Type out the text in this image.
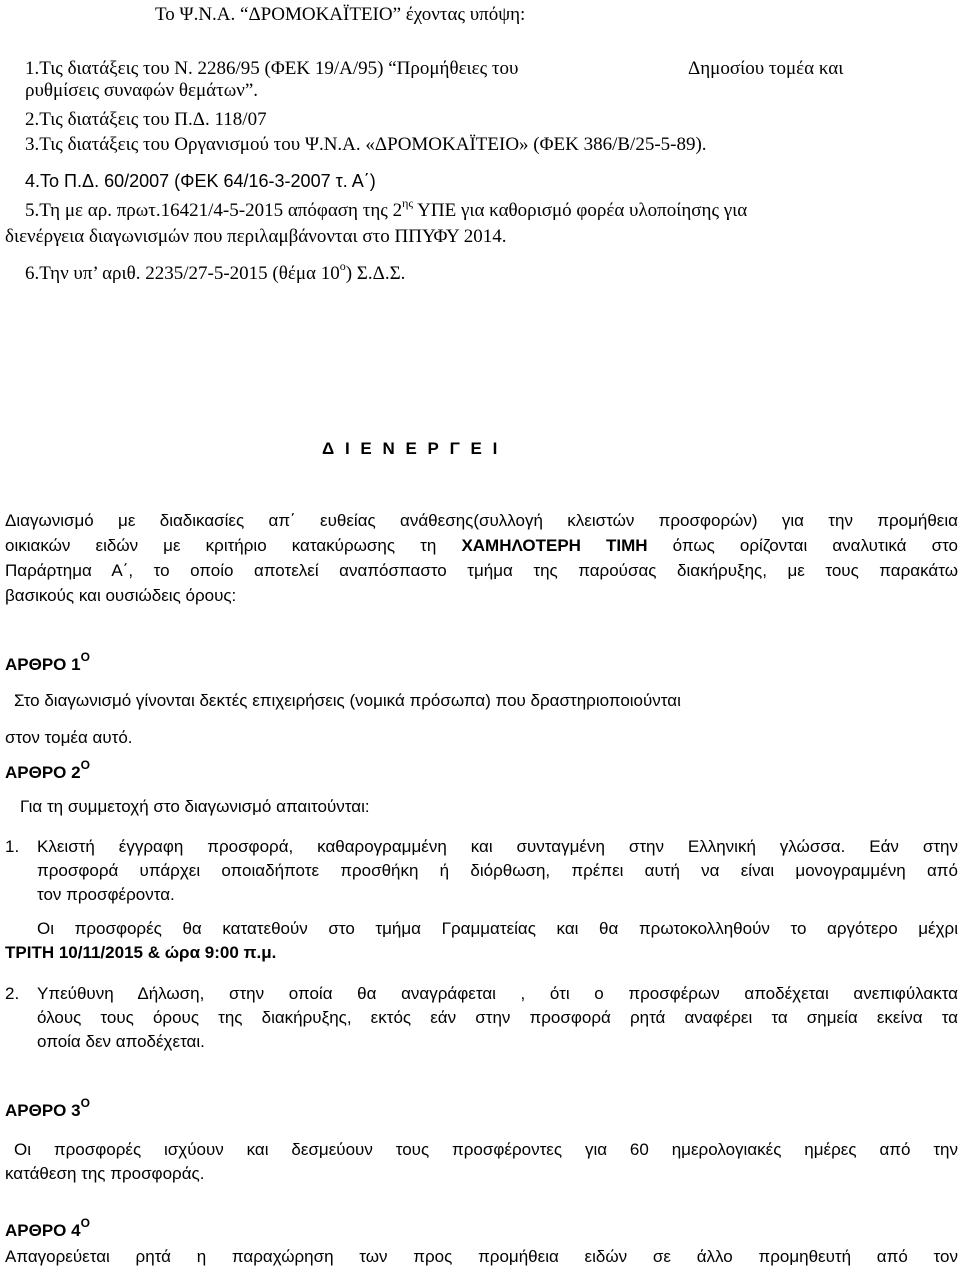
Το Ψ.Ν.Α. “ΔΡΟΜΟΚΑΪΤΕΙΟ” έχοντας υπόψη:
1.Τις διατάξεις του Ν. 2286/95 (ΦΕΚ 19/Α/95) “Προμήθειες του	Δημοσίου τομέα και
ρυθμίσεις συναφών θεμάτων”.
2.Τις διατάξεις του Π.Δ. 118/07
3.Τις διατάξεις του Οργανισμού του Ψ.Ν.Α. «ΔΡΟΜΟΚΑΪΤΕΙΟ» (ΦΕΚ 386/Β/25-5-89).
4.Το Π.Δ. 60/2007 (ΦΕΚ 64/16-3-2007 τ. Α΄)
5.Τη με αρ. πρωτ.16421/4-5-2015 απόφαση της $2^{\eta\varsigma}$ ΥΠΕ για καθορισμό φορέα υλοποίησης για
διενέργεια διαγωνισμών που περιλαμβάνονται στο ΠΠΥΦΥ 2014.
6.Την υπ’ αριθ. 2235/27-5-2015 (θέμα $10^o$) Σ.Δ.Σ.
Δ Ι Ε Ν Ε Ρ Γ Ε Ι
Διαγωνισμό με διαδικασίες απ΄ ευθείας ανάθεσης(συλλογή κλειστών προσφορών) για την προμήθεια
οικιακών ειδών με κριτήριο κατακύρωσης τη ΧΑΜΗΛΟΤΕΡΗ ΤΙΜΗ όπως ορίζονται αναλυτικά στο
Παράρτημα Α΄, το οποίο αποτελεί αναπόσπαστο τμήμα της παρούσας διακήρυξης, με τους παρακάτω
βασικούς και ουσιώδεις όρους:
ΑΡΘΡΟ $1^O$
Στο διαγωνισμό γίνονται δεκτές επιχειρήσεις (νομικά πρόσωπα) που δραστηριοποιούνται
στον τομέα αυτό.
ΑΡΘΡΟ $2^O$
Για τη συμμετοχή στο διαγωνισμό απαιτούνται:
1. Κλειστή έγγραφη προσφορά, καθαρογραμμένη και συνταγμένη στην Ελληνική γλώσσα. Εάν στην
προσφορά υπάρχει οποιαδήποτε προσθήκη ή διόρθωση, πρέπει αυτή να είναι μονογραμμένη από
τον προσφέροντα.
Οι προσφορές θα κατατεθούν στο τμήμα Γραμματείας και θα πρωτοκολληθούν το αργότερο μέχρι
ΤΡΙΤΗ 10/11/2015 & ώρα 9:00 π.μ.
2. Υπεύθυνη Δήλωση, στην οποία θα αναγράφεται , ότι ο προσφέρων αποδέχεται ανεπιφύλακτα
όλους τους όρους της διακήρυξης, εκτός εάν στην προσφορά ρητά αναφέρει τα σημεία εκείνα τα
οποία δεν αποδέχεται.
ΑΡΘΡΟ $3^O$
Οι προσφορές ισχύουν και δεσμεύουν τους προσφέροντες για 60 ημερολογιακές ημέρες από την
κατάθεση της προσφοράς.
ΑΡΘΡΟ $4^O$
Απαγορεύεται ρητά η παραχώρηση των προς προμήθεια ειδών σε άλλο προμηθευτή από τον
